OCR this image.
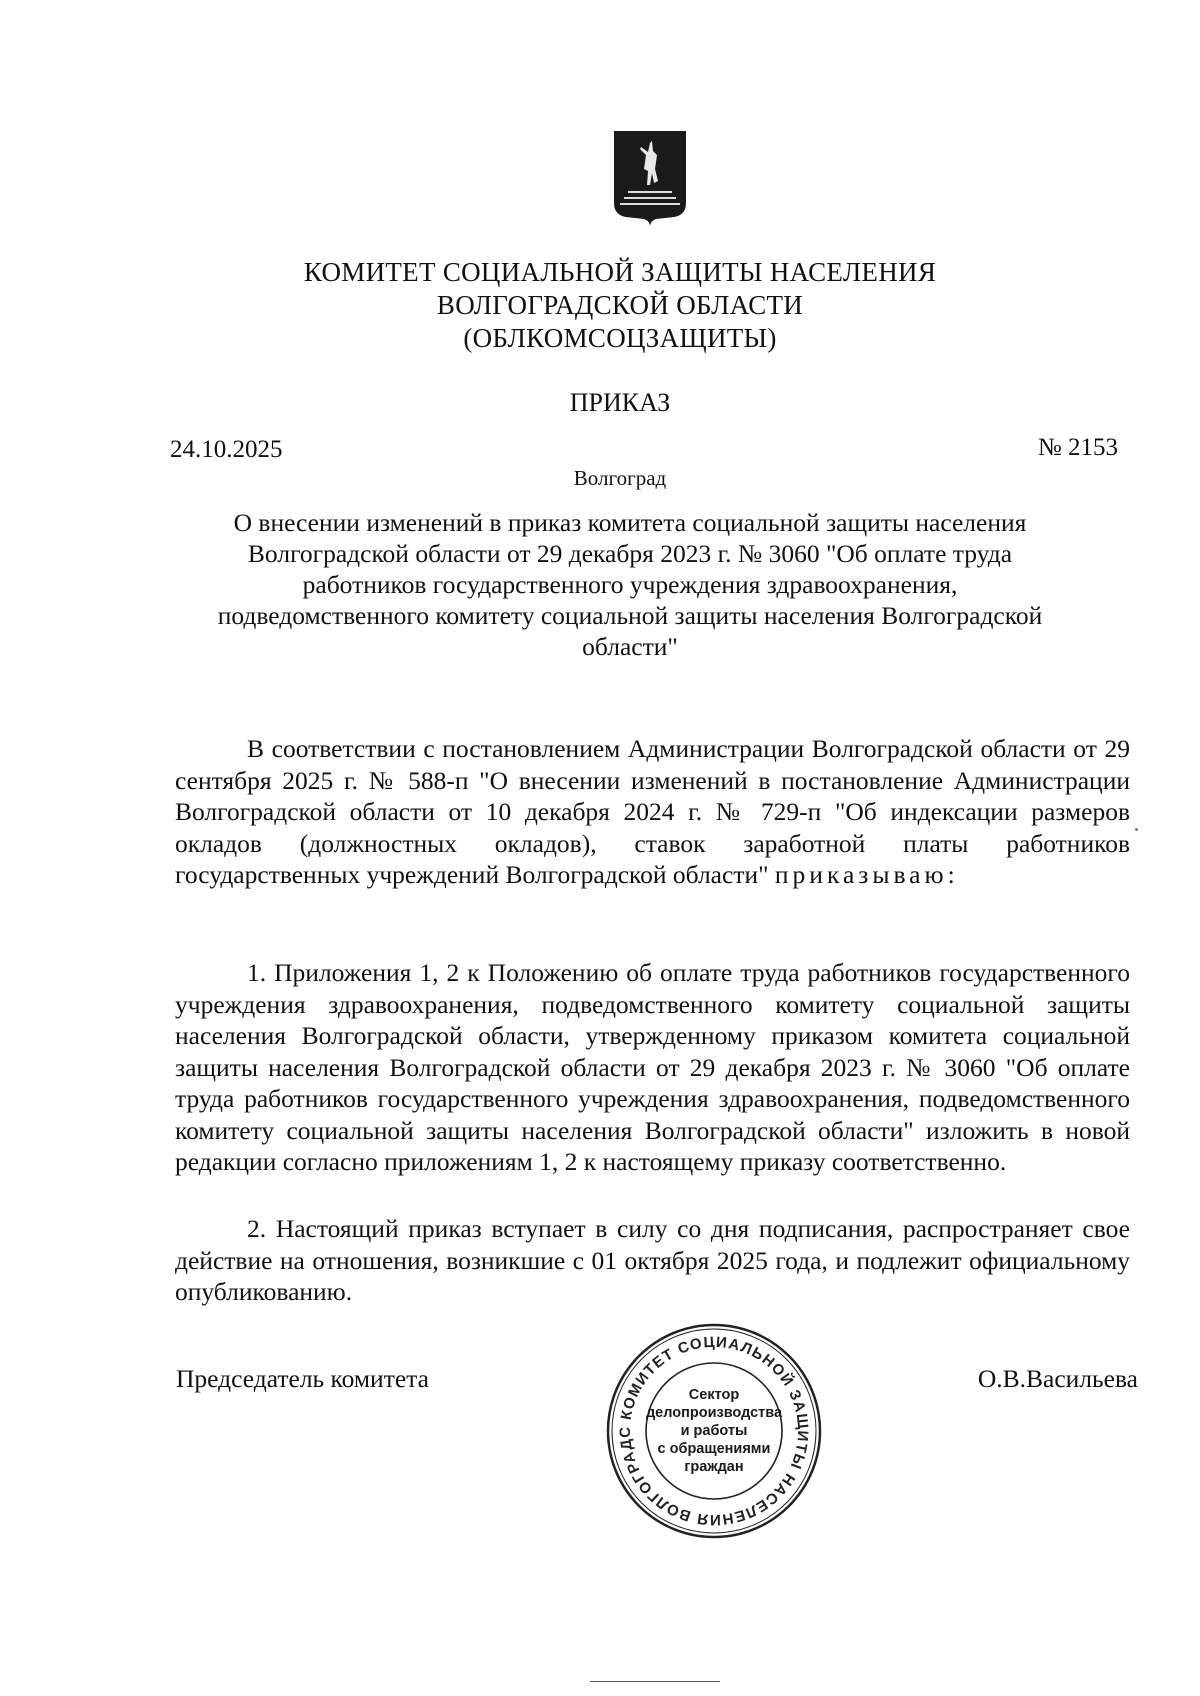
КОМИТЕТ СОЦИАЛЬНОЙ ЗАЩИТЫ НАСЕЛЕНИЯ
ВОЛГОГРАДСКОЙ ОБЛАСТИ
(ОБЛКОМСОЦЗАЩИТЫ)
ПРИКАЗ
24.10.2025	№ 2153
Волгоград
О внесении изменений в приказ комитета социальной защиты населения
Волгоградской области от 29 декабря 2023 г. № 3060 "Об оплате труда
работников государственного учреждения здравоохранения,
подведомственного комитету социальной защиты населения Волгоградской
области"

В соответствии с постановлением Администрации Волгоградской области от 29 сентября 2025 г. № 588-п "О внесении изменений в постановление Администрации Волгоградской области от 10 декабря 2024 г. № 729-п "Об индексации размеров окладов (должностных окладов), ставок заработной платы работников государственных учреждений Волгоградской области" приказываю:

1. Приложения 1, 2 к Положению об оплате труда работников государственного учреждения здравоохранения, подведомственного комитету социальной защиты населения Волгоградской области, утвержденному приказом комитета социальной защиты населения Волгоградской области от 29 декабря 2023 г. № 3060 "Об оплате труда работников государственного учреждения здравоохранения, подведомственного комитету социальной защиты населения Волгоградской области" изложить в новой редакции согласно приложениям 1, 2 к настоящему приказу соответственно.

2. Настоящий приказ вступает в силу со дня подписания, распространяет свое действие на отношения, возникшие с 01 октября 2025 года, и подлежит официальному опубликованию.

Председатель комитета	О.В.Васильева
КОМИТЕТ СОЦИАЛЬНОЙ ЗАЩИТЫ НАСЕЛЕНИЯ ВОЛГОГРАДС
Сектор
делопроизводства
и работы
с обращениями
граждан
